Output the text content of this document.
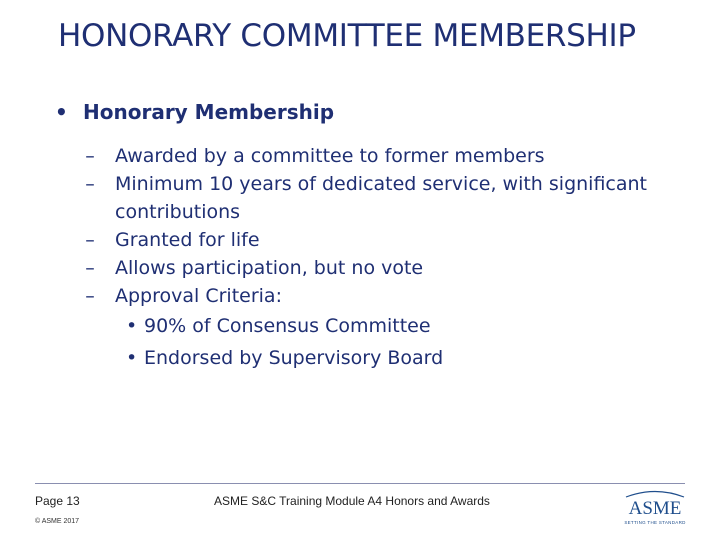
HONORARY COMMITTEE MEMBERSHIP
• Honorary Membership
–	Awarded by a committee to former members
–	Minimum 10 years of dedicated service, with significant
contributions
–	Granted for life
–	Allows participation, but no vote
–	Approval Criteria:
• 90% of Consensus Committee
• Endorsed by Supervisory Board
Page 13
© ASME 2017
ASME S&C Training Module A4 Honors and Awards	ASME
SETTING THE STANDARD
